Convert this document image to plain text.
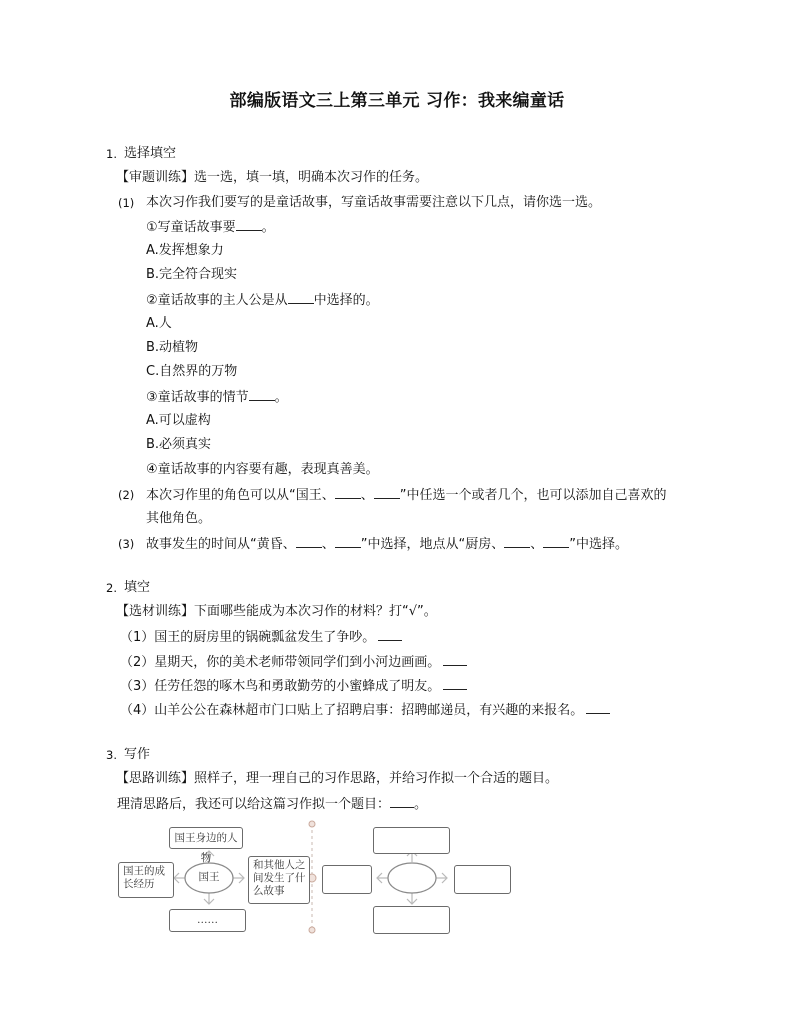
部编版语文三上第三单元 习作：我来编童话
1. 选择填空
【审题训练】选一选，填一填，明确本次习作的任务。
(1) 本次习作我们要写的是童话故事，写童话故事需要注意以下几点，请你选一选。
①写童话故事要 。
A.发挥想象力
B.完全符合现实
②童话故事的主人公是从 中选择的。
A.人
B.动植物
C.自然界的万物
③童话故事的情节 。
A.可以虚构
B.必须真实
④童话故事的内容要有趣，表现真善美。
(2) 本次习作里的角色可以从“国王、 、 ”中任选一个或者几个，也可以添加自己喜欢的
其他角色。
(3) 故事发生的时间从“黄昏、 、 ”中选择，地点从“厨房、 、 ”中选择。
2. 填空
【选材训练】下面哪些能成为本次习作的材料？打“√”。
（1）国王的厨房里的锅碗瓢盆发生了争吵。
（2）星期天，你的美术老师带领同学们到小河边画画。
（3）任劳任怨的啄木鸟和勇敢勤劳的小蜜蜂成了明友。
（4）山羊公公在森林超市门口贴上了招聘启事：招聘邮递员，有兴趣的来报名。
3. 写作
【思路训练】照样子，理一理自己的习作思路，并给习作拟一个合适的题目。
理清思路后，我还可以给这篇习作拟一个题目： 。
国王身边的人物
国王的成
长经历
国王
和其他人之
间发生了什
么故事
……
